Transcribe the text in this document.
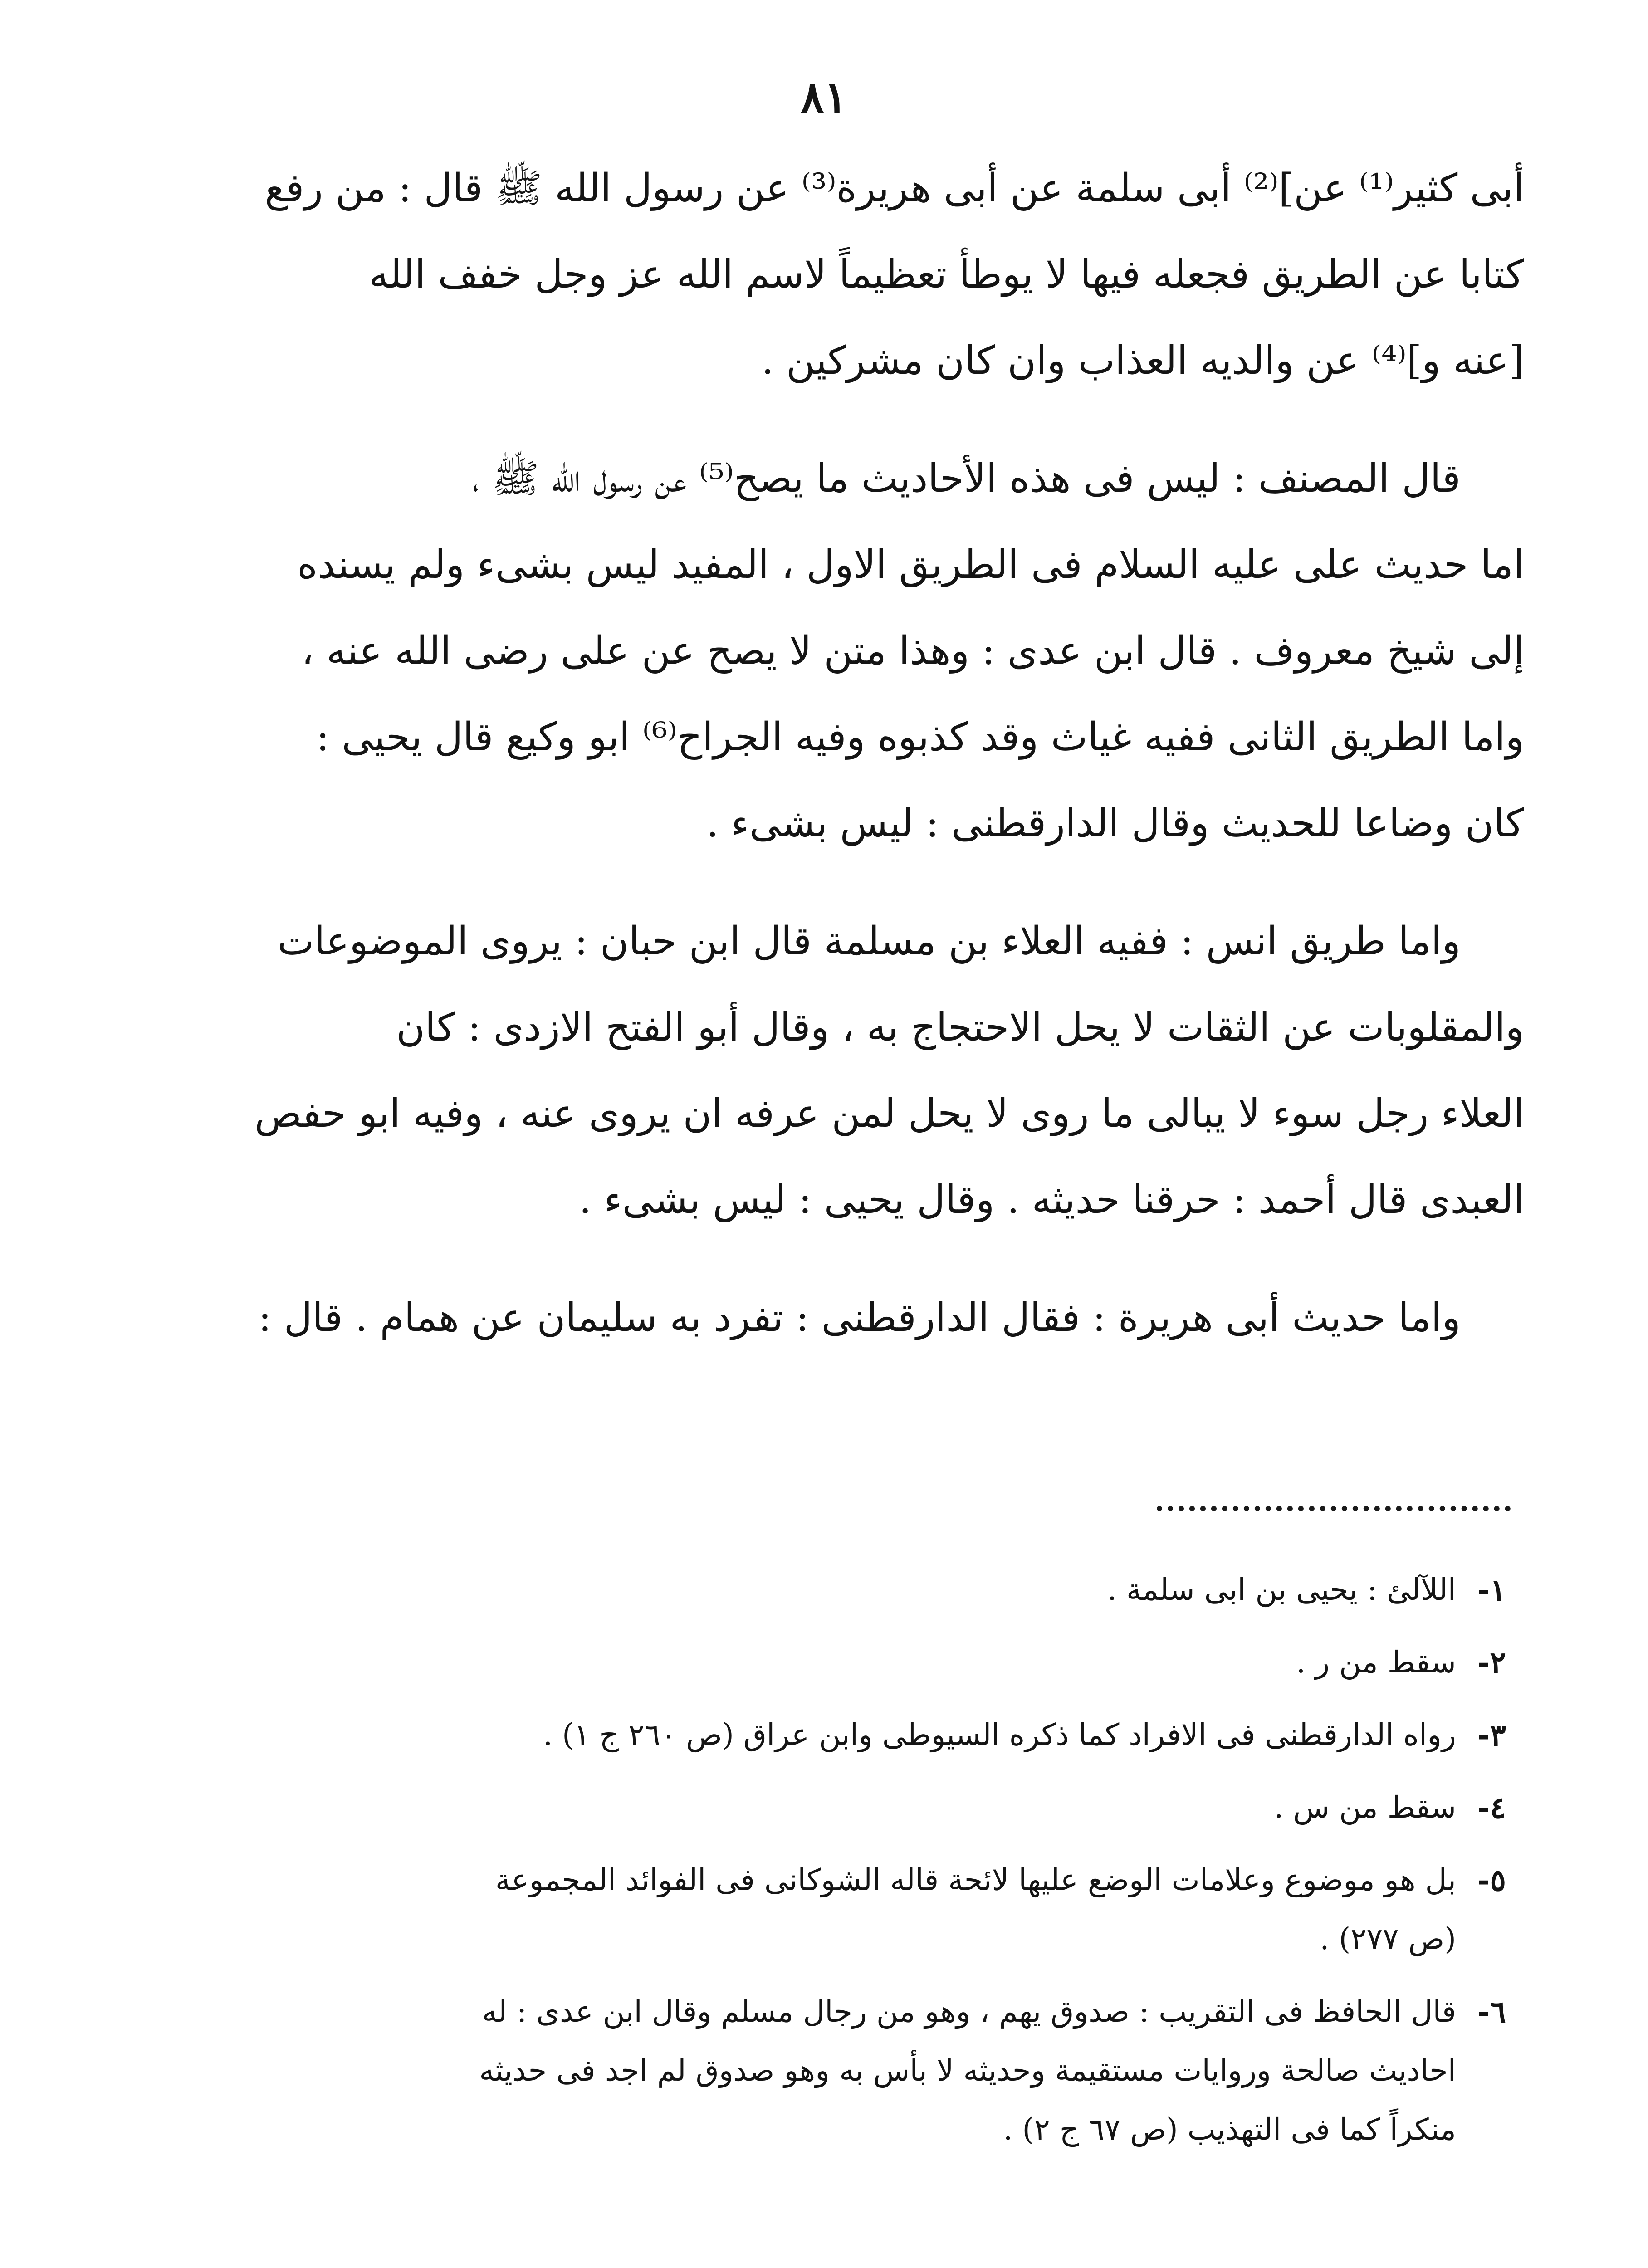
٨١

أبى كثير⁽¹⁾ عن]⁽²⁾ أبى سلمة عن أبى هريرة⁽³⁾ عن رسول الله ﷺ قال : من رفع
كتابا عن الطريق فجعله فيها لا يوطأ تعظيماً لاسم الله عز وجل خفف الله
[عنه و]⁽⁴⁾ عن والديه العذاب وان كان مشركين .

قال المصنف : ليس فى هذه الأحاديث ما يصح⁽⁵⁾ عن رسول الله ﷺ ،
اما حديث على عليه السلام فى الطريق الاول ، المفيد ليس بشىء ولم يسنده
إلى شيخ معروف . قال ابن عدى : وهذا متن لا يصح عن على رضى الله عنه ،
واما الطريق الثانى ففيه غياث وقد كذبوه وفيه الجراح⁽⁶⁾ ابو وكيع قال يحيى :
كان وضاعا للحديث وقال الدارقطنى : ليس بشىء .

واما طريق انس : ففيه العلاء بن مسلمة قال ابن حبان : يروى الموضوعات
والمقلوبات عن الثقات لا يحل الاحتجاج به ، وقال أبو الفتح الازدى : كان
العلاء رجل سوء لا يبالى ما روى لا يحل لمن عرفه ان يروى عنه ، وفيه ابو حفص
العبدى قال أحمد : حرقنا حديثه . وقال يحيى : ليس بشىء .

واما حديث أبى هريرة : فقال الدارقطنى : تفرد به سليمان عن همام . قال :

١-
اللآلئ : يحيى بن ابى سلمة .
٢-
سقط من ر .
٣-
رواه الدارقطنى فى الافراد كما ذكره السيوطى وابن عراق (ص ٢٦٠ ج ١) .
٤-
سقط من س .
٥-
بل هو موضوع وعلامات الوضع عليها لائحة قاله الشوكانى فى الفوائد المجموعة
(ص ٢٧٧) .
٦-
قال الحافظ فى التقريب : صدوق يهم ، وهو من رجال مسلم وقال ابن عدى : له
احاديث صالحة وروايات مستقيمة وحديثه لا بأس به وهو صدوق لم اجد فى حديثه
منكراً كما فى التهذيب (ص ٦٧ ج ٢) .
